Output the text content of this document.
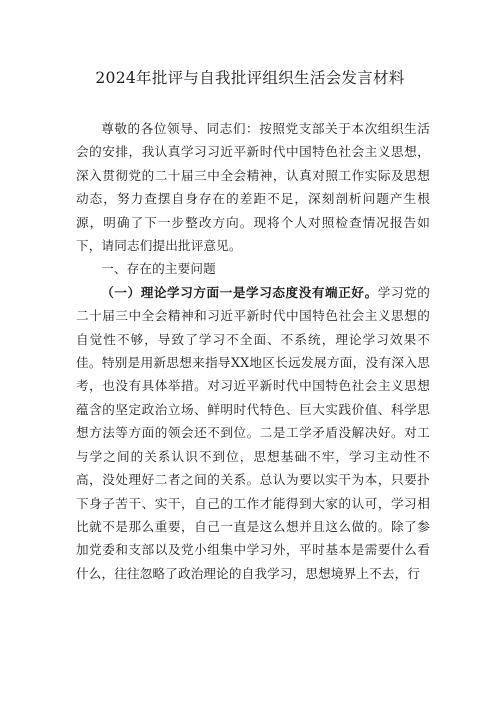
2024年批评与自我批评组织生活会发言材料

尊敬的各位领导、同志们：按照党支部关于本次组织生活会的安排，我认真学习习近平新时代中国特色社会主义思想，深入贯彻党的二十届三中全会精神，认真对照工作实际及思想动态，努力查摆自身存在的差距不足，深刻剖析问题产生根源，明确了下一步整改方向。现将个人对照检查情况报告如下，请同志们提出批评意见。

一、存在的主要问题

（一）理论学习方面一是学习态度没有端正好。学习党的二十届三中全会精神和习近平新时代中国特色社会主义思想的自觉性不够，导致了学习不全面、不系统，理论学习效果不佳。特别是用新思想来指导XX地区长远发展方面，没有深入思考，也没有具体举措。对习近平新时代中国特色社会主义思想蕴含的坚定政治立场、鲜明时代特色、巨大实践价值、科学思想方法等方面的领会还不到位。二是工学矛盾没解决好。对工与学之间的关系认识不到位，思想基础不牢，学习主动性不高，没处理好二者之间的关系。总认为要以实干为本，只要扑下身子苦干、实干，自己的工作才能得到大家的认可，学习相比就不是那么重要，自己一直是这么想并且这么做的。除了参加党委和支部以及党小组集中学习外，平时基本是需要什么看什么，往往忽略了政治理论的自我学习，思想境界上不去，行
